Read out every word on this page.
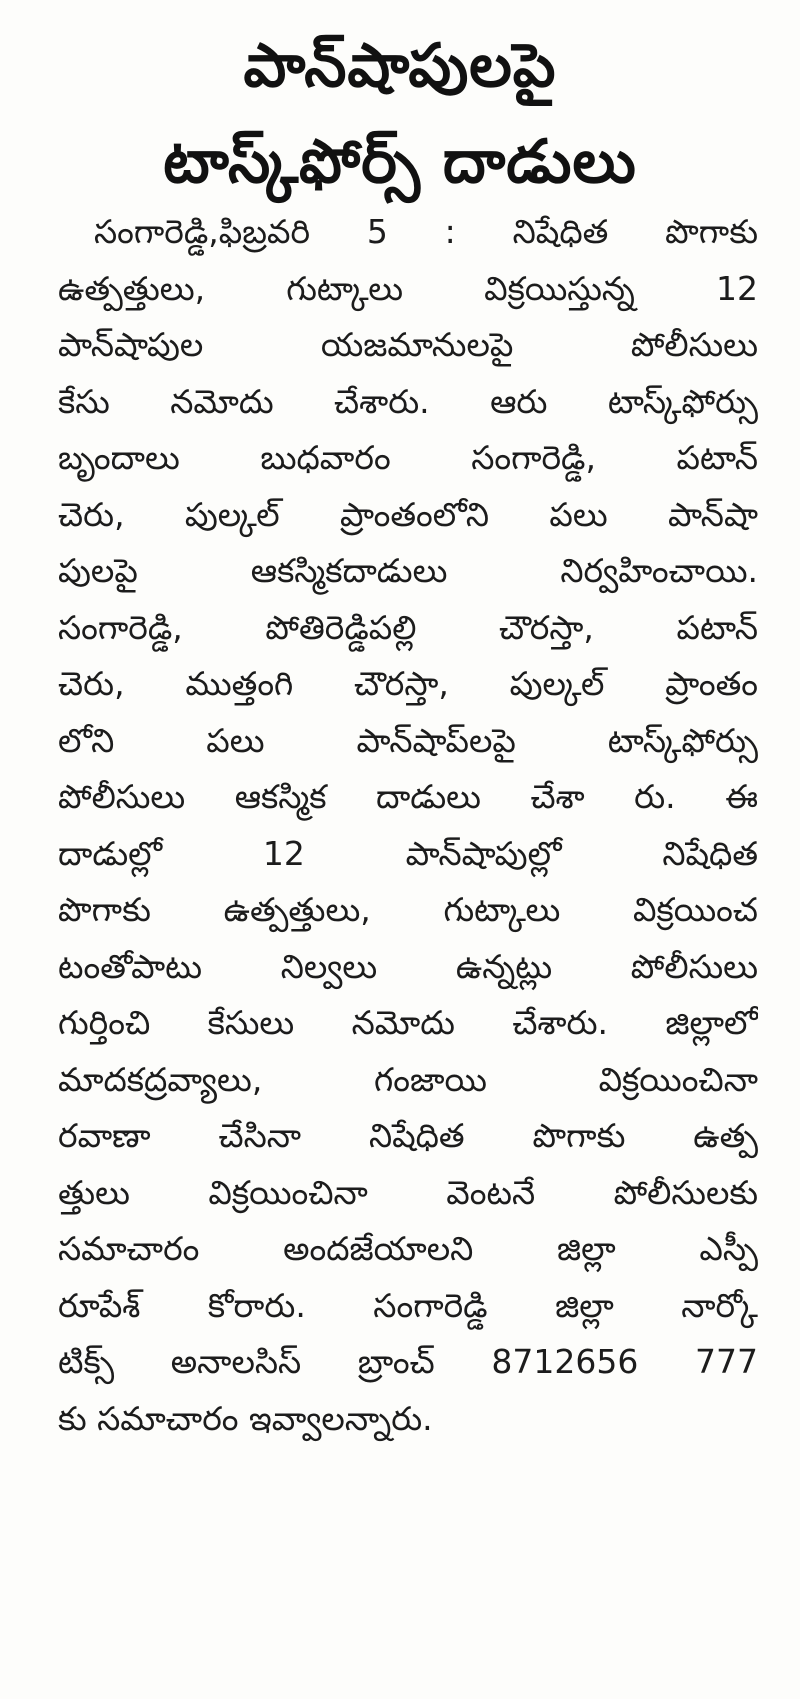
పాన్‌షాపులపై
టాస్క్‌ఫోర్స్ దాడులు
సంగారెడ్డి,ఫిబ్రవరి 5 : నిషేధిత పొగాకు
ఉత్పత్తులు, గుట్కాలు విక్రయిస్తున్న 12
పాన్‌షాపుల యజమానులపై పోలీసులు
కేసు నమోదు చేశారు. ఆరు టాస్క్‌ఫోర్సు
బృందాలు బుధవారం సంగారెడ్డి, పటాన్
చెరు, పుల్కల్ ప్రాంతంలోని పలు పాన్‌షా
పులపై ఆకస్మికదాడులు నిర్వహించాయి.
సంగారెడ్డి, పోతిరెడ్డిపల్లి చౌరస్తా, పటాన్
చెరు, ముత్తంగి చౌరస్తా, పుల్కల్ ప్రాంతం
లోని పలు పాన్‌షాప్‌లపై టాస్క్‌ఫోర్సు
పోలీసులు ఆకస్మిక దాడులు చేశా రు. ఈ
దాడుల్లో 12 పాన్‌షాపుల్లో నిషేధిత
పొగాకు ఉత్పత్తులు, గుట్కాలు విక్రయించ
టంతోపాటు నిల్వలు ఉన్నట్లు పోలీసులు
గుర్తించి కేసులు నమోదు చేశారు. జిల్లాలో
మాదకద్రవ్యాలు, గంజాయి విక్రయించినా
రవాణా చేసినా నిషేధిత పొగాకు ఉత్ప
త్తులు విక్రయించినా వెంటనే పోలీసులకు
సమాచారం అందజేయాలని జిల్లా ఎస్పీ
రూపేశ్ కోరారు. సంగారెడ్డి జిల్లా నార్కో
టిక్స్ అనాలసిస్ బ్రాంచ్ 8712656 777
కు సమాచారం ఇవ్వాలన్నారు.
